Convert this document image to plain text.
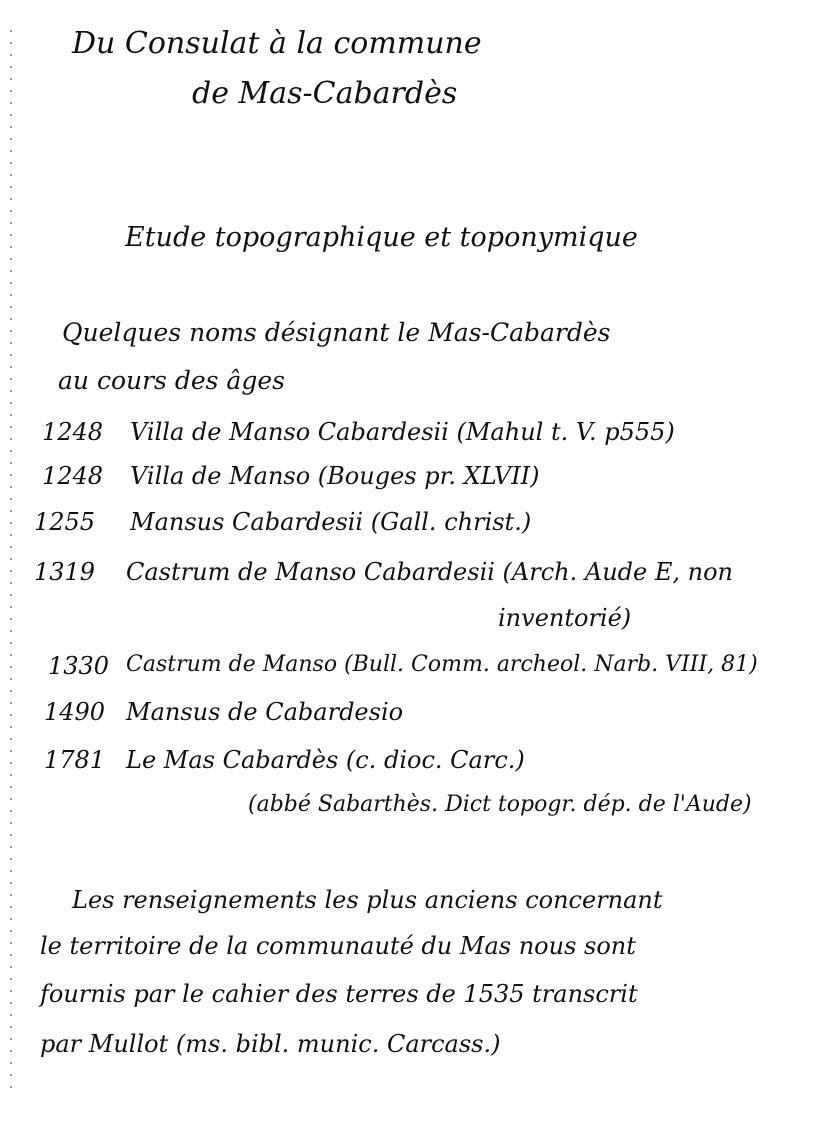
Du Consulat à la commune
de Mas-Cabardès
Etude topographique et toponymique
Quelques noms désignant le Mas-Cabardès
au cours des âges
1248 Villa de Manso Cabardesii (Mahul t. V. p555)
1248 Villa de Manso (Bouges pr. XLVII)
1255 Mansus Cabardesii (Gall. christ.)
1319 Castrum de Manso Cabardesii (Arch. Aude E, non
inventorié)
1330 Castrum de Manso (Bull. Comm. archeol. Narb. VIII, 81)
1490 Mansus de Cabardesio
1781 Le Mas Cabardès (c. dioc. Carc.)
(abbé Sabarthès. Dict topogr. dép. de l'Aude)
Les renseignements les plus anciens concernant
le territoire de la communauté du Mas nous sont
fournis par le cahier des terres de 1535 transcrit
par Mullot (ms. bibl. munic. Carcass.)
